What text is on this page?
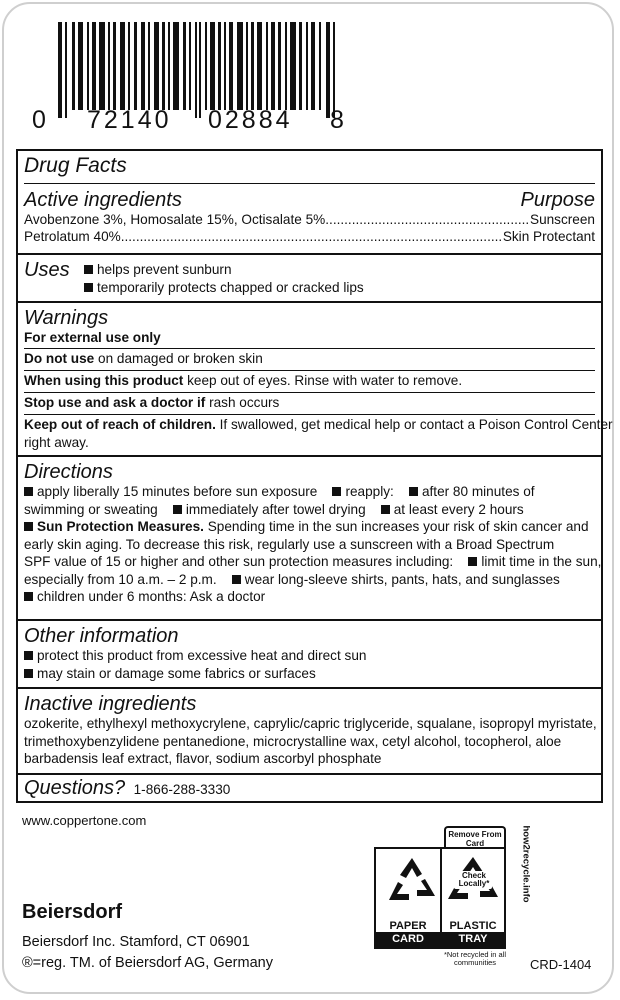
0 72140 02884 8
Drug Facts
Active ingredients	Purpose
Avobenzone 3%, Homosalate 15%, Octisalate 5% .....	Sunscreen
Petrolatum 40% .....	Skin Protectant
Uses	helps prevent sunburn
temporarily protects chapped or cracked lips
Warnings
For external use only
Do not use on damaged or broken skin
When using this product keep out of eyes. Rinse with water to remove.
Stop use and ask a doctor if rash occurs
Keep out of reach of children. If swallowed, get medical help or contact a Poison Control Center
right away.
Directions
apply liberally 15 minutes before sun exposure reapply: after 80 minutes of
swimming or sweating immediately after towel drying at least every 2 hours
Sun Protection Measures. Spending time in the sun increases your risk of skin cancer and
early skin aging. To decrease this risk, regularly use a sunscreen with a Broad Spectrum
SPF value of 15 or higher and other sun protection measures including: limit time in the sun,
especially from 10 a.m. – 2 p.m. wear long-sleeve shirts, pants, hats, and sunglasses
children under 6 months: Ask a doctor
Other information
protect this product from excessive heat and direct sun
may stain or damage some fabrics or surfaces
Inactive ingredients
ozokerite, ethylhexyl methoxycrylene, caprylic/capric triglyceride, squalane, isopropyl myristate,
trimethoxybenzylidene pentanedione, microcrystalline wax, cetyl alcohol, tocopherol, aloe
barbadensis leaf extract, flavor, sodium ascorbyl phosphate
Questions? 1-866-288-3330
www.coppertone.com
Beiersdorf
Beiersdorf Inc. Stamford, CT 06901
®=reg. TM. of Beiersdorf AG, Germany	CRD-1404
Remove From Card
Check Locally*
PAPER	PLASTIC
CARD	TRAY
*Not recycled in all communities
how2recycle.info
